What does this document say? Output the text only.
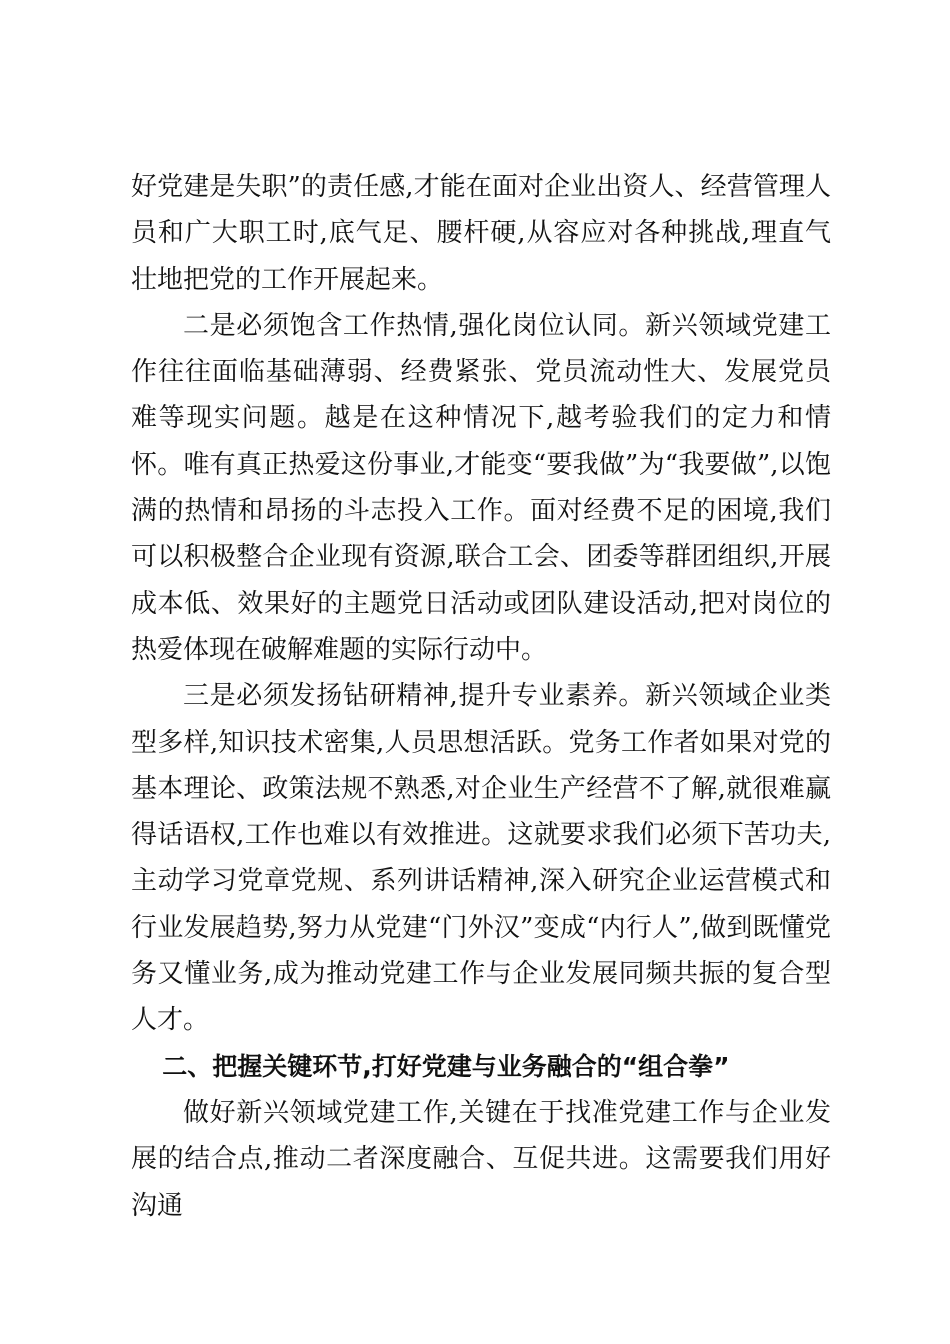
好党建是失职”的责任感,才能在面对企业出资人、经营管理人员和广大职工时,底气足、腰杆硬,从容应对各种挑战,理直气壮地把党的工作开展起来。

二是必须饱含工作热情,强化岗位认同。新兴领域党建工作往往面临基础薄弱、经费紧张、党员流动性大、发展党员难等现实问题。越是在这种情况下,越考验我们的定力和情怀。唯有真正热爱这份事业,才能变“要我做”为“我要做”,以饱满的热情和昂扬的斗志投入工作。面对经费不足的困境,我们可以积极整合企业现有资源,联合工会、团委等群团组织,开展成本低、效果好的主题党日活动或团队建设活动,把对岗位的热爱体现在破解难题的实际行动中。

三是必须发扬钻研精神,提升专业素养。新兴领域企业类型多样,知识技术密集,人员思想活跃。党务工作者如果对党的基本理论、政策法规不熟悉,对企业生产经营不了解,就很难赢得话语权,工作也难以有效推进。这就要求我们必须下苦功夫,主动学习党章党规、系列讲话精神,深入研究企业运营模式和行业发展趋势,努力从党建“门外汉”变成“内行人”,做到既懂党务又懂业务,成为推动党建工作与企业发展同频共振的复合型人才。

二、把握关键环节,打好党建与业务融合的“组合拳”

做好新兴领域党建工作,关键在于找准党建工作与企业发展的结合点,推动二者深度融合、互促共进。这需要我们用好沟通
